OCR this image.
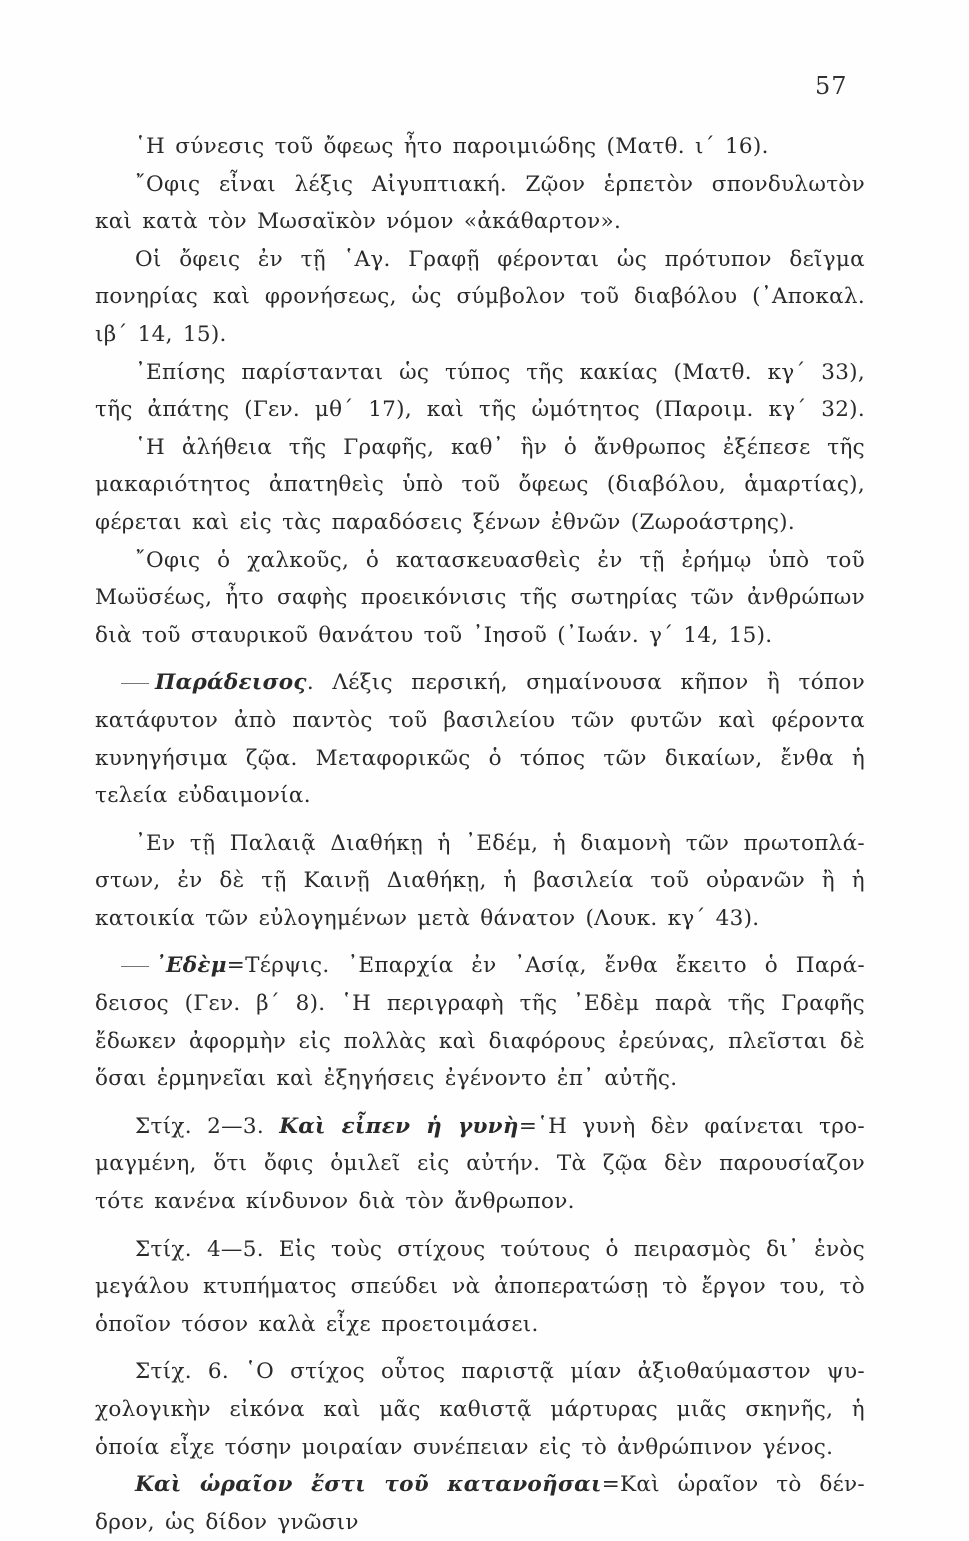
57
῾Η σύνεσις τοῦ ὄφεως ἦτο παροιμιώδης (Ματθ. ι΄ 16).
῎Οφις εἶναι λέξις Αἰγυπτιακή. Ζῷον ἑρπετὸν σπονδυλωτὸν
καὶ κατὰ τὸν Μωσαϊκὸν νόμον «ἀκάθαρτον».
Οἱ ὄφεις ἐν τῇ ῾Αγ. Γραφῇ φέρονται ὡς πρότυπον δεῖγμα
πονηρίας καὶ φρονήσεως, ὡς σύμβολον τοῦ διαβόλου (᾿Αποκαλ.
ιβ΄ 14, 15).
᾿Επίσης παρίστανται ὡς τύπος τῆς κακίας (Ματθ. κγ΄ 33),
τῆς ἀπάτης (Γεν. μθ΄ 17), καὶ τῆς ὠμότητος (Παροιμ. κγ΄ 32).
῾Η ἀλήθεια τῆς Γραφῆς, καθ᾿ ἣν ὁ ἄνθρωπος ἐξέπεσε τῆς
μακαριότητος ἀπατηθεὶς ὑπὸ τοῦ ὄφεως (διαβόλου, ἁμαρτίας),
φέρεται καὶ εἰς τὰς παραδόσεις ξένων ἐθνῶν (Ζωροάστρης).
῎Οφις ὁ χαλκοῦς, ὁ κατασκευασθεὶς ἐν τῇ ἐρήμῳ ὑπὸ τοῦ
Μωϋσέως, ἦτο σαφὴς προεικόνισις τῆς σωτηρίας τῶν ἀνθρώπων
διὰ τοῦ σταυρικοῦ θανάτου τοῦ ᾿Ιησοῦ (᾿Ιωάν. γ΄ 14, 15).
Παράδεισος. Λέξις περσική, σημαίνουσα κῆπον ἢ τόπον
κατάφυτον ἀπὸ παντὸς τοῦ βασιλείου τῶν φυτῶν καὶ φέροντα
κυνηγήσιμα ζῷα. Μεταφορικῶς ὁ τόπος τῶν δικαίων, ἔνθα ἡ
τελεία εὐδαιμονία.
᾿Εν τῇ Παλαιᾷ Διαθήκῃ ἡ ᾿Εδέμ, ἡ διαμονὴ τῶν πρωτοπλά-
στων, ἐν δὲ τῇ Καινῇ Διαθήκῃ, ἡ βασιλεία τοῦ οὐρανῶν ἢ ἡ
κατοικία τῶν εὐλογημένων μετὰ θάνατον (Λουκ. κγ΄ 43).
᾿Εδὲμ=Τέρψις. ᾿Επαρχία ἐν ᾿Ασίᾳ, ἔνθα ἔκειτο ὁ Παρά-
δεισος (Γεν. β΄ 8). ῾Η περιγραφὴ τῆς ᾿Εδὲμ παρὰ τῆς Γραφῆς
ἔδωκεν ἀφορμὴν εἰς πολλὰς καὶ διαφόρους ἐρεύνας, πλεῖσται δὲ
ὅσαι ἑρμηνεῖαι καὶ ἐξηγήσεις ἐγένοντο ἐπ᾿ αὐτῆς.
Στίχ. 2—3. Καὶ εἶπεν ἡ γυνὴ=῾Η γυνὴ δὲν φαίνεται τρο-
μαγμένη, ὅτι ὄφις ὁμιλεῖ εἰς αὐτήν. Τὰ ζῷα δὲν παρουσίαζον
τότε κανένα κίνδυνον διὰ τὸν ἄνθρωπον.
Στίχ. 4—5. Εἰς τοὺς στίχους τούτους ὁ πειρασμὸς δι᾿ ἑνὸς
μεγάλου κτυπήματος σπεύδει νὰ ἀποπερατώσῃ τὸ ἔργον του, τὸ
ὁποῖον τόσον καλὰ εἶχε προετοιμάσει.
Στίχ. 6. ῾Ο στίχος οὗτος παριστᾷ μίαν ἀξιοθαύμαστον ψυ-
χολογικὴν εἰκόνα καὶ μᾶς καθιστᾷ μάρτυρας μιᾶς σκηνῆς, ἡ
ὁποία εἶχε τόσην μοιραίαν συνέπειαν εἰς τὸ ἀνθρώπινον γένος.
Καὶ ὡραῖον ἔστι τοῦ κατανοῆσαι=Καὶ ὡραῖον τὸ δέν-
δρον, ὡς δίδον γνῶσιν
